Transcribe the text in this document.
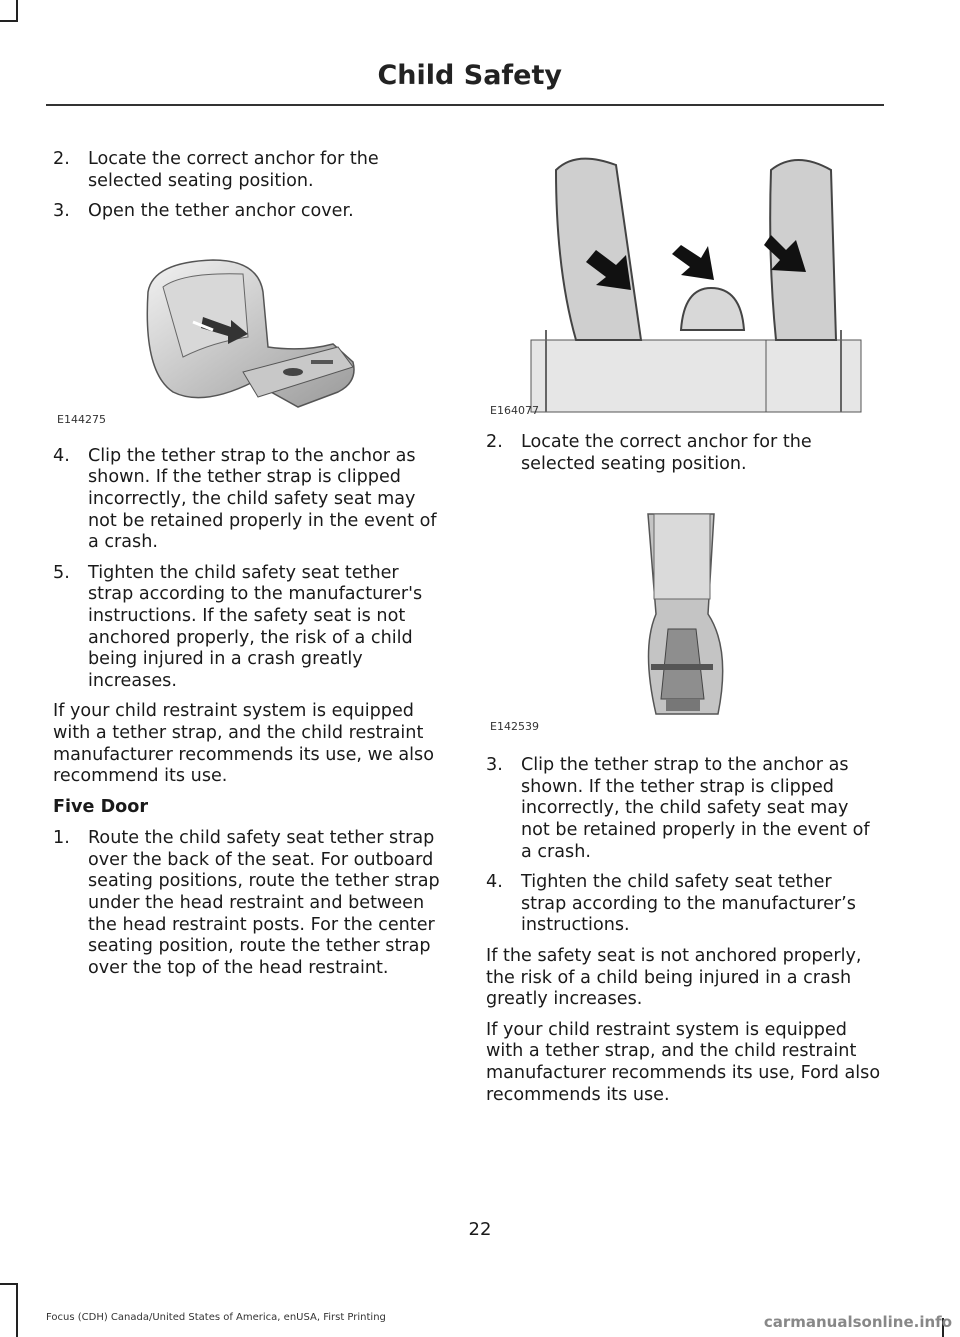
Child Safety
2. Locate the correct anchor for the selected seating position.
3. Open the tether anchor cover.
E144275
4. Clip the tether strap to the anchor as shown. If the tether strap is clipped incorrectly, the child safety seat may not be retained properly in the event of a crash.
5. Tighten the child safety seat tether strap according to the manufacturer's instructions. If the safety seat is not anchored properly, the risk of a child being injured in a crash greatly increases.

If your child restraint system is equipped with a tether strap, and the child restraint manufacturer recommends its use, we also recommend its use.

Five Door

1. Route the child safety seat tether strap over the back of the seat. For outboard seating positions, route the tether strap under the head restraint and between the head restraint posts. For the center seating position, route the tether strap over the top of the head restraint.
E164077
2. Locate the correct anchor for the selected seating position.
E142539
3. Clip the tether strap to the anchor as shown. If the tether strap is clipped incorrectly, the child safety seat may not be retained properly in the event of a crash.
4. Tighten the child safety seat tether strap according to the manufacturer’s instructions.

If the safety seat is not anchored properly, the risk of a child being injured in a crash greatly increases.

If your child restraint system is equipped with a tether strap, and the child restraint manufacturer recommends its use, Ford also recommends its use.

22
Focus (CDH) Canada/United States of America, enUSA, First Printing	carmanualsonline.info
